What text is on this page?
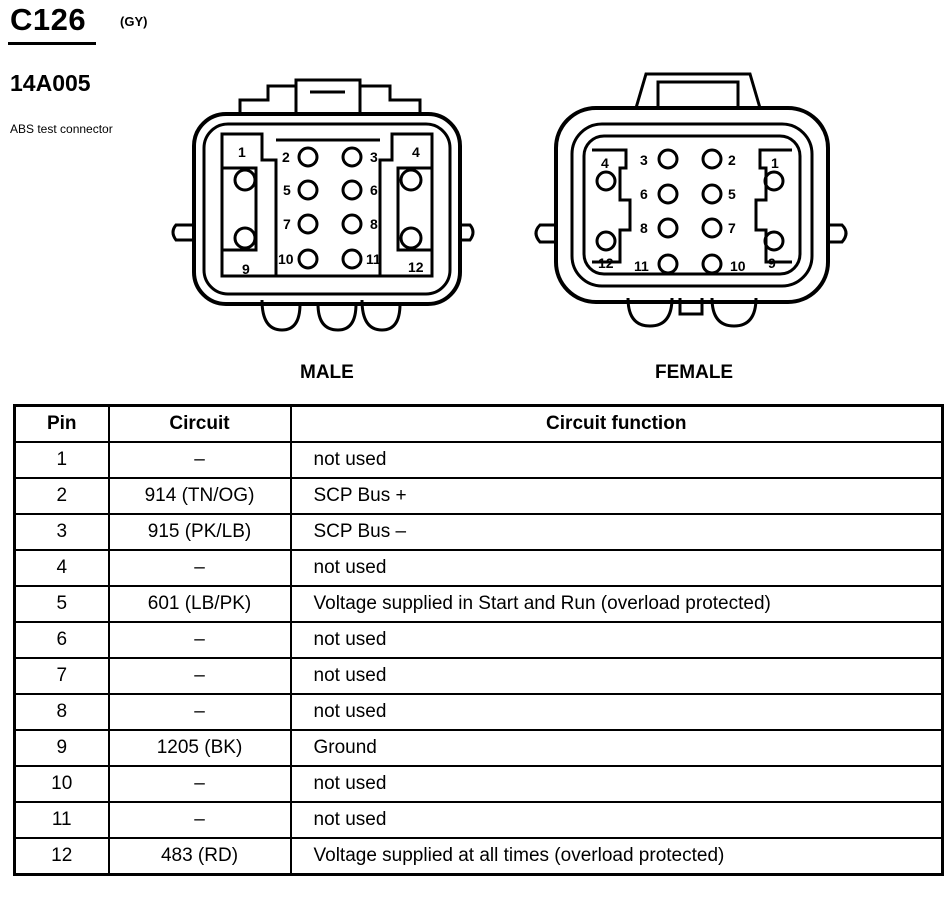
C126	(GY)
14A005
ABS test connector
1	2	3 4
5	6
7	8
9
10	11 12
4 3	2	1
6	5
8	7
12 11	10 9
MALE	FEMALE
Pin	Circuit	Circuit function
1	–	not used
2	914 (TN/OG)	SCP Bus +
3	915 (PK/LB)	SCP Bus –
4	–	not used
5	601 (LB/PK)	Voltage supplied in Start and Run (overload protected)
6	–	not used
7	–	not used
8	–	not used
9	1205 (BK)	Ground
10	–	not used
11	–	not used
12	483 (RD)	Voltage supplied at all times (overload protected)
